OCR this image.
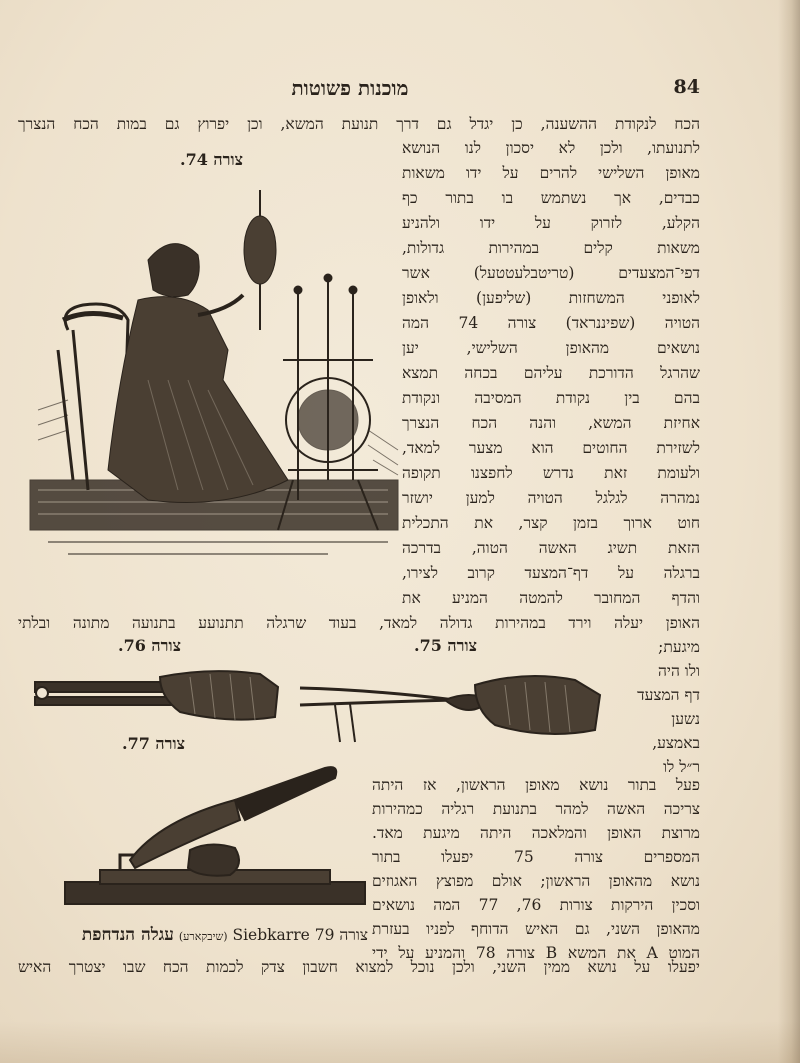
מוכנות פשוטות	84
הכח לנקודת ההשענה, כן יגדל גם דרך תנועת המשא, וכן יפרוץ גם במות הכח הנצרך
לתנועתו, ולכן לא יסכון לנו הנושא
מאופן השלישי להרים על ידו משאות
כבדים, אך נשתמש בו בתור כף
הקלע, לזרוק על ידו ולהניע
משאות קלים במהירות גדולות,
דפי־המצעדים (טריטבלעטטעל) אשר
לאופני המשחזות (שליפען) ולאופן
הטויה (שפיננראד) צורה 74 המה
נושאים מהאופן השלישי, יען
שהרגל הדורכת עליהם בכחה תמצא
בהם בין נקודת המסיבה ונקודת
אחיזת המשא, והנה הכח הנצרך
לשזירת החוטים הוא מצער למאד,
ולעומת זאת נדרש לחפצנו תקופה
נמהרה לגלגל הטויה למען יושזר
חוט ארוך בזמן קצר, את התכלית
הזאת תשיג האשה הטוה, בדרכה
ברגלה על דף־המצעד קרוב לצירו,
והדף המחובר להמטה המניע את
האופן יעלה וירד במהירות גדולה למאד, בעוד שרגלה תתנועע בתנועה מתונה ובלתי
מיגעת;
ולו היה
דף המצעד
נשען
באמצע,
ר״ל לו
פעל בתור נושא מאופן הראשון, אז היתה
צריכה האשה למהר בתנועת רגליה כמהירות
מרוצת האופן והמלאכה היתה מיגעת מאד.
המספרים צורה 75 יפעלו בתור
נושא מהאופן הראשון; אולם מפוצץ האגוזים
וסכין הירקות צורות 76, 77 המה נושאים
מהאופן השני, גם האיש הדוחף לפניו בעזרת
המוט A את המשא B צורה 78 והמניע על ידי
צורה 79 Siebkarre (שיבקארע) עגלה הנדחפת
יפעלו על נושא ממין השני, ולכן נוכל למצוא חשבון צדק לכמות הכח שבו יצטרך האיש
צורה 74.
צורה 75.
צורה 76.
צורה 77.
